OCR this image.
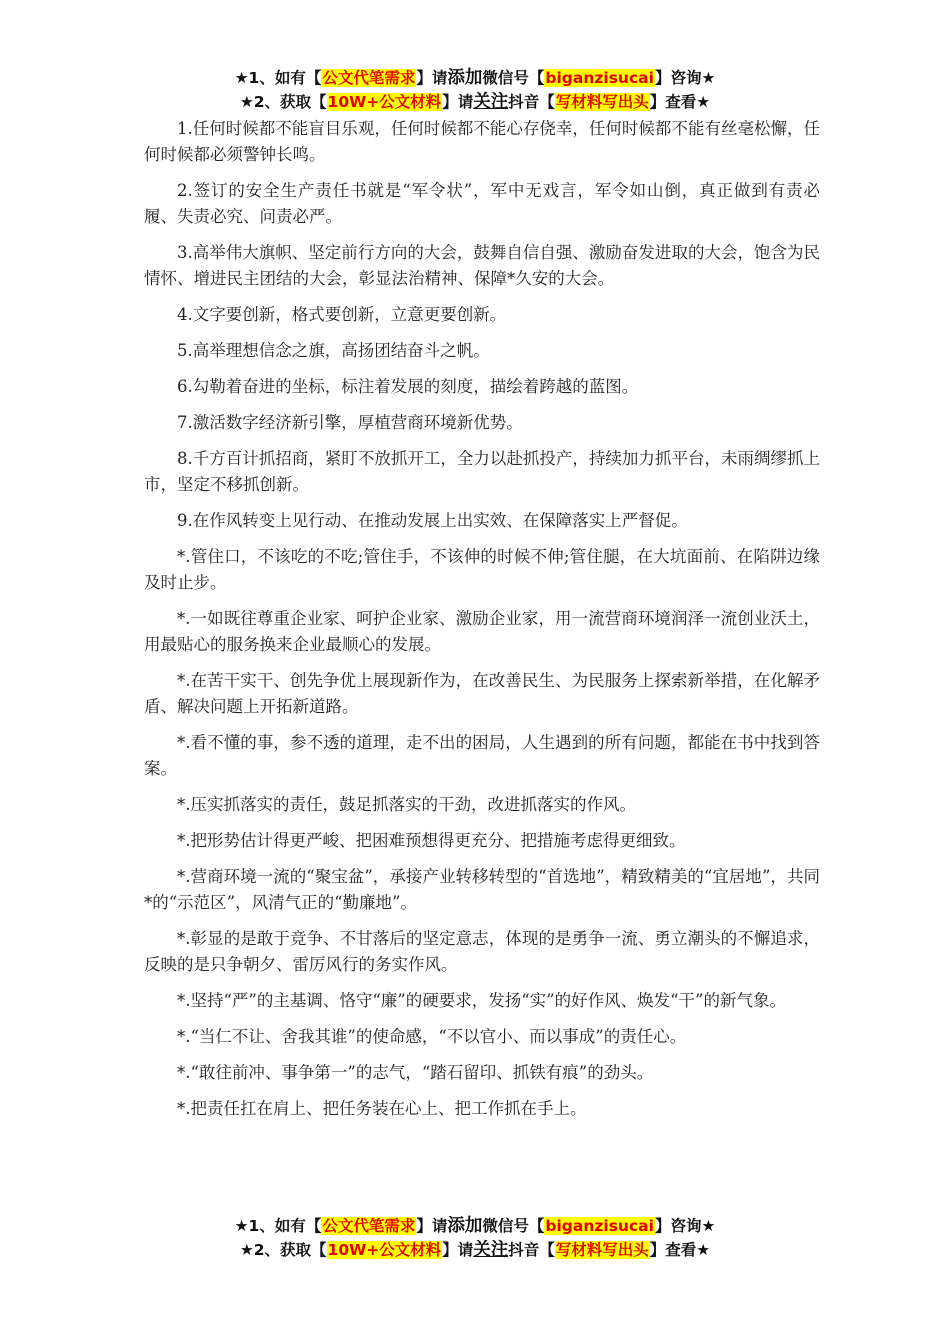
★1、如有【公文代笔需求】请添加微信号【biganzisucai】咨询★
★2、获取【10W+公文材料】请关注抖音【写材料写出头】查看★

1.任何时候都不能盲目乐观，任何时候都不能心存侥幸，任何时候都不能有丝毫松懈，任何时候都必须警钟长鸣。

2.签订的安全生产责任书就是“军令状”，军中无戏言，军令如山倒，真正做到有责必履、失责必究、问责必严。

3.高举伟大旗帜、坚定前行方向的大会，鼓舞自信自强、激励奋发进取的大会，饱含为民情怀、增进民主团结的大会，彰显法治精神、保障*久安的大会。

4.文字要创新，格式要创新，立意更要创新。

5.高举理想信念之旗，高扬团结奋斗之帆。

6.勾勒着奋进的坐标，标注着发展的刻度，描绘着跨越的蓝图。

7.激活数字经济新引擎，厚植营商环境新优势。

8.千方百计抓招商，紧盯不放抓开工，全力以赴抓投产，持续加力抓平台，未雨绸缪抓上市，坚定不移抓创新。

9.在作风转变上见行动、在推动发展上出实效、在保障落实上严督促。

*.管住口，不该吃的不吃;管住手，不该伸的时候不伸;管住腿，在大坑面前、在陷阱边缘及时止步。

*.一如既往尊重企业家、呵护企业家、激励企业家，用一流营商环境润泽一流创业沃土，用最贴心的服务换来企业最顺心的发展。

*.在苦干实干、创先争优上展现新作为，在改善民生、为民服务上探索新举措，在化解矛盾、解决问题上开拓新道路。

*.看不懂的事，参不透的道理，走不出的困局，人生遇到的所有问题，都能在书中找到答案。

*.压实抓落实的责任，鼓足抓落实的干劲，改进抓落实的作风。

*.把形势估计得更严峻、把困难预想得更充分、把措施考虑得更细致。

*.营商环境一流的“聚宝盆”，承接产业转移转型的“首选地”，精致精美的“宜居地”，共同*的“示范区”，风清气正的“勤廉地”。

*.彰显的是敢于竞争、不甘落后的坚定意志，体现的是勇争一流、勇立潮头的不懈追求，反映的是只争朝夕、雷厉风行的务实作风。

*.坚持“严”的主基调、恪守“廉”的硬要求，发扬“实”的好作风、焕发“干”的新气象。

*.“当仁不让、舍我其谁”的使命感，“不以官小、而以事成”的责任心。

*.“敢往前冲、事争第一”的志气，“踏石留印、抓铁有痕”的劲头。

*.把责任扛在肩上、把任务装在心上、把工作抓在手上。

★1、如有【公文代笔需求】请添加微信号【biganzisucai】咨询★
★2、获取【10W+公文材料】请关注抖音【写材料写出头】查看★
